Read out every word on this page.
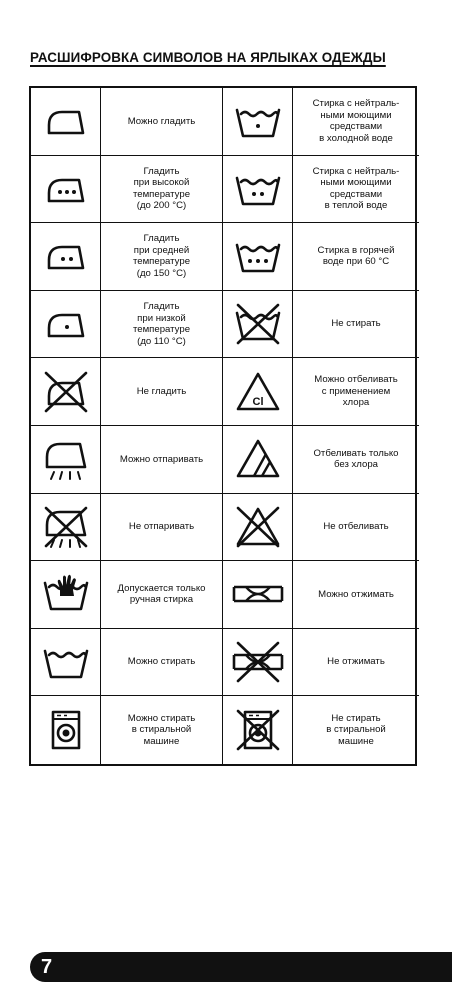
РАСШИФРОВКА СИМВОЛОВ НА ЯРЛЫКАХ ОДЕЖДЫ
Можно гладить
Стирка с нейтраль-
ными моющими
средствами
в холодной воде
Гладить
при высокой
температуре
(до 200 °С)
Стирка с нейтраль-
ными моющими
средствами
в теплой воде
Гладить
при средней
температуре
(до 150 °С)
Стирка в горячей
воде при 60 °С
Гладить
при низкой
температуре
(до 110 °С)
Не стирать
Не гладить
Cl
Можно отбеливать
с применением
хлора
Можно отпаривать
Отбеливать только
без хлора
Не отпаривать	Не отбеливать
Допускается только
ручная стирка
Можно отжимать
Можно стирать	Не отжимать
Можно стирать
в стиральной
машине
Не стирать
в стиральной
машине
7
